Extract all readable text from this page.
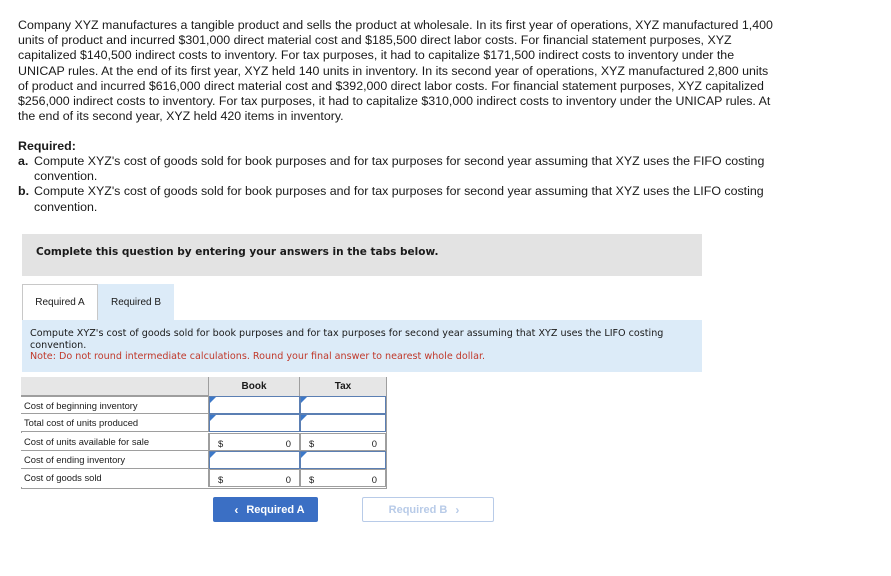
Company XYZ manufactures a tangible product and sells the product at wholesale. In its first year of operations, XYZ manufactured 1,400 units of product and incurred $301,000 direct material cost and $185,500 direct labor costs. For financial statement purposes, XYZ capitalized $140,500 indirect costs to inventory. For tax purposes, it had to capitalize $171,500 indirect costs to inventory under the UNICAP rules. At the end of its first year, XYZ held 140 units in inventory. In its second year of operations, XYZ manufactured 2,800 units of product and incurred $616,000 direct material cost and $392,000 direct labor costs. For financial statement purposes, XYZ capitalized $256,000 indirect costs to inventory. For tax purposes, it had to capitalize $310,000 indirect costs to inventory under the UNICAP rules. At the end of its second year, XYZ held 420 items in inventory.
Required:
a. Compute XYZ's cost of goods sold for book purposes and for tax purposes for second year assuming that XYZ uses the FIFO costing convention.
b. Compute XYZ's cost of goods sold for book purposes and for tax purposes for second year assuming that XYZ uses the LIFO costing convention.
Complete this question by entering your answers in the tabs below.
Required A	Required B
Compute XYZ's cost of goods sold for book purposes and for tax purposes for second year assuming that XYZ uses the LIFO costing convention.
Note: Do not round intermediate calculations. Round your final answer to nearest whole dollar.
Book	Tax
Cost of beginning inventory
Total cost of units produced
Cost of units available for sale	$	0 $	0
Cost of ending inventory
Cost of goods sold	$	0 $	0
‹ Required A	Required B ›
